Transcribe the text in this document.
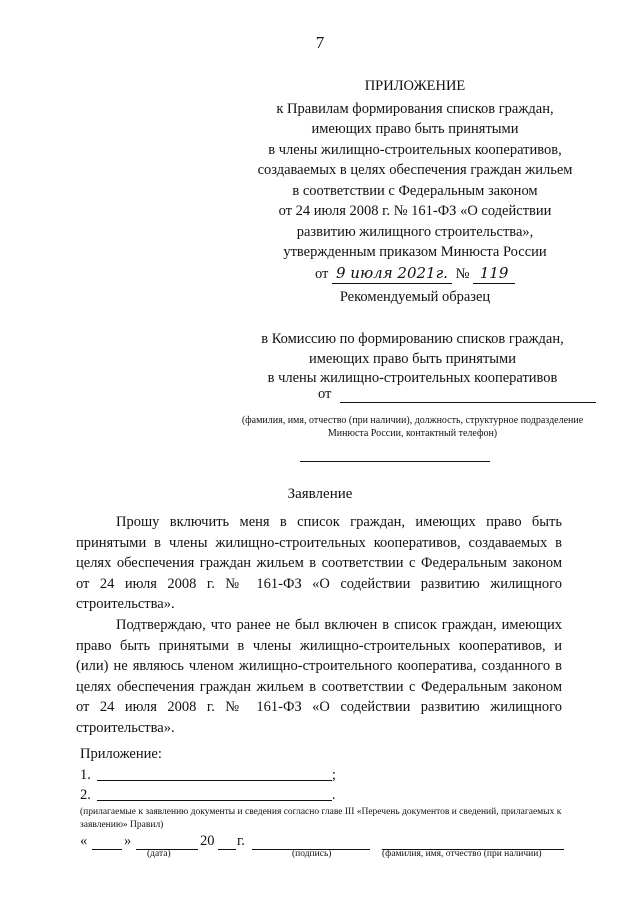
7
ПРИЛОЖЕНИЕ
к Правилам формирования списков граждан,
имеющих право быть принятыми
в члены жилищно-строительных кооперативов,
создаваемых в целях обеспечения граждан жильем
в соответствии с Федеральным законом
от 24 июля 2008 г. № 161-ФЗ «О содействии
развитию жилищного строительства»,
утвержденным приказом Минюста России
от 9 июля 2021г. № 119
Рекомендуемый образец
в Комиссию по формированию списков граждан,
имеющих право быть принятыми
в члены жилищно-строительных кооперативов
от
(фамилия, имя, отчество (при наличии), должность, структурное подразделение Минюста России, контактный телефон)
Заявление
Прошу включить меня в список граждан, имеющих право быть принятыми в члены жилищно-строительных кооперативов, создаваемых в целях обеспечения граждан жильем в соответствии с Федеральным законом от 24 июля 2008 г. № 161-ФЗ «О содействии развитию жилищного строительства».
Подтверждаю, что ранее не был включен в список граждан, имеющих право быть принятыми в члены жилищно-строительных кооперативов, и (или) не являюсь членом жилищно-строительного кооператива, созданного в целях обеспечения граждан жильем в соответствии с Федеральным законом от 24 июля 2008 г. № 161-ФЗ «О содействии развитию жилищного строительства».
Приложение:
1.	;
2.	.
(прилагаемые к заявлению документы и сведения согласно главе III «Перечень документов и сведений, прилагаемых к заявлению» Правил)
«	»	20 г.
(дата)	(подпись)	(фамилия, имя, отчество (при наличии)
